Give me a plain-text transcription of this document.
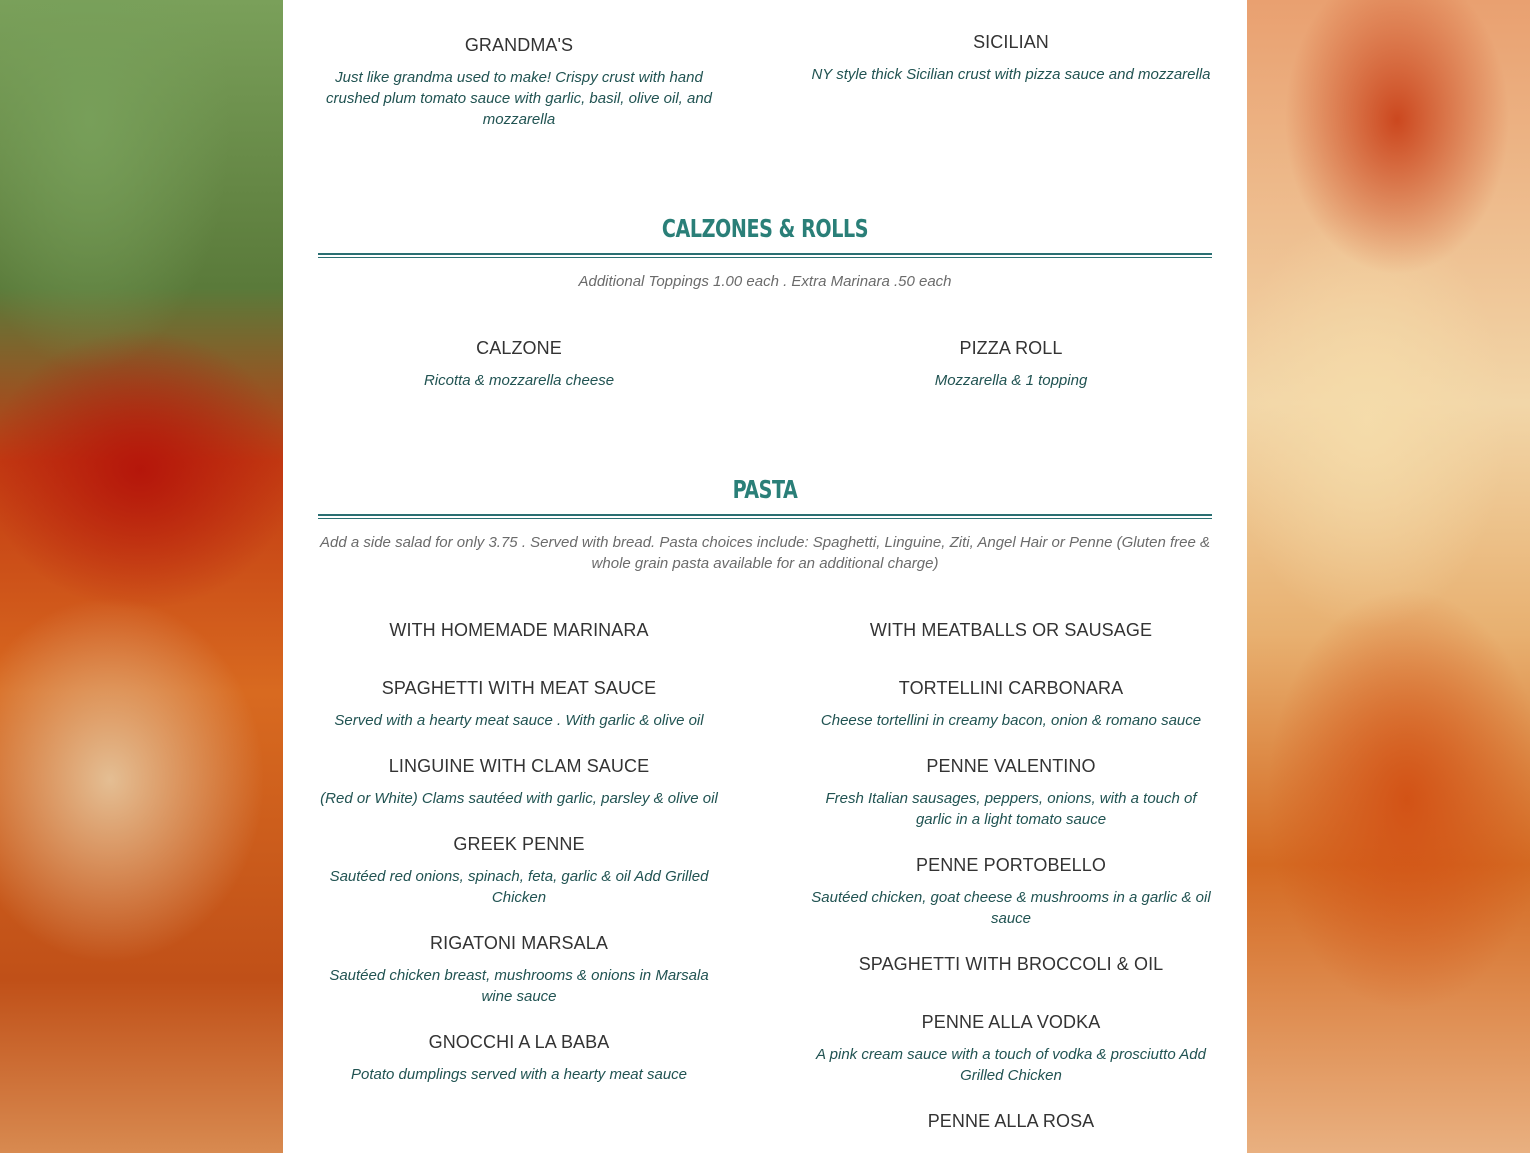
GRANDMA'S

Just like grandma used to make! Crispy crust with hand crushed plum tomato sauce with garlic, basil, olive oil, and mozzarella

SICILIAN

NY style thick Sicilian crust with pizza sauce and mozzarella

CALZONES & ROLLS

Additional Toppings 1.00 each . Extra Marinara .50 each

CALZONE

Ricotta & mozzarella cheese

PIZZA ROLL

Mozzarella & 1 topping

PASTA

Add a side salad for only 3.75 . Served with bread. Pasta choices include: Spaghetti, Linguine, Ziti, Angel Hair or Penne (Gluten free & whole grain pasta available for an additional charge)

WITH HOMEMADE MARINARA
SPAGHETTI WITH MEAT SAUCE

Served with a hearty meat sauce . With garlic & olive oil

LINGUINE WITH CLAM SAUCE

(Red or White) Clams sautéed with garlic, parsley & olive oil

GREEK PENNE

Sautéed red onions, spinach, feta, garlic & oil Add Grilled Chicken

RIGATONI MARSALA

Sautéed chicken breast, mushrooms & onions in Marsala wine sauce

GNOCCHI A LA BABA

Potato dumplings served with a hearty meat sauce

WITH MEATBALLS OR SAUSAGE
TORTELLINI CARBONARA

Cheese tortellini in creamy bacon, onion & romano sauce

PENNE VALENTINO

Fresh Italian sausages, peppers, onions, with a touch of garlic in a light tomato sauce

PENNE PORTOBELLO

Sautéed chicken, goat cheese & mushrooms in a garlic & oil sauce

SPAGHETTI WITH BROCCOLI & OIL
PENNE ALLA VODKA

A pink cream sauce with a touch of vodka & prosciutto Add Grilled Chicken

PENNE ALLA ROSA
